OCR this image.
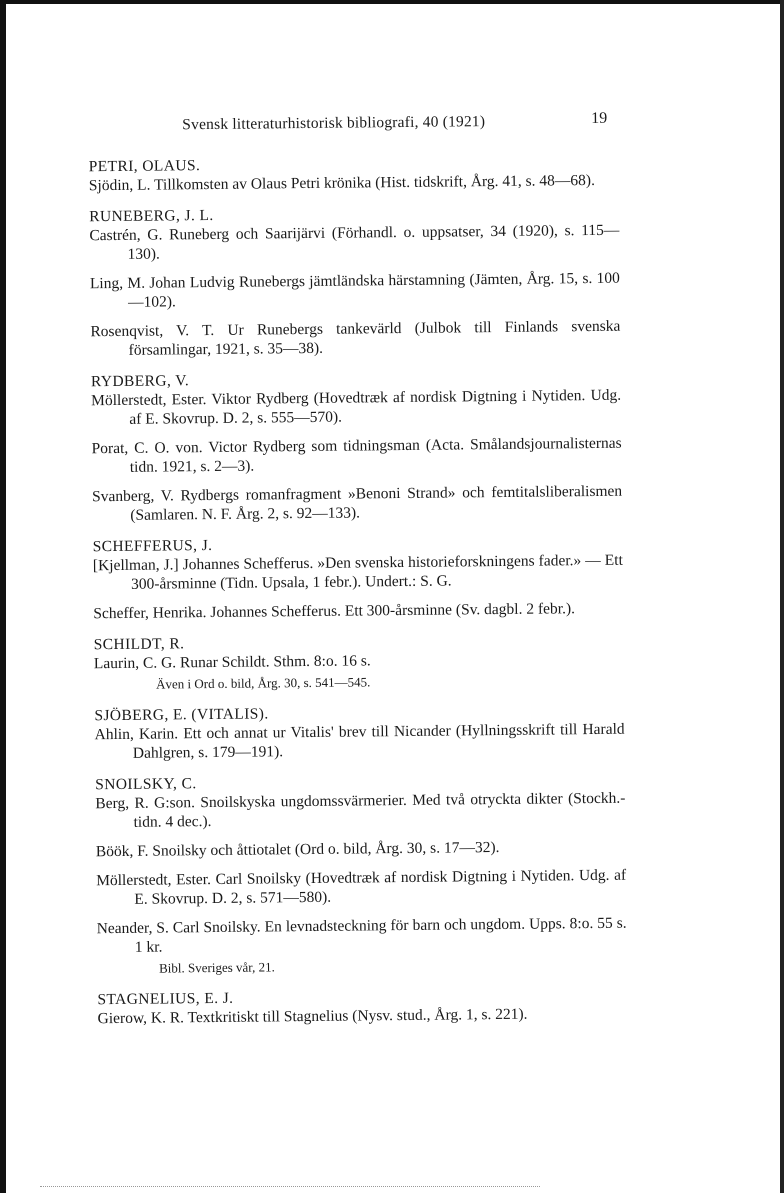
Svensk litteraturhistorisk bibliografi, 40 (1921)	19
PETRI, OLAUS.
Sjödin, L. Tillkomsten av Olaus Petri krönika (Hist. tidskrift, Årg. 41, s. 48—68).
RUNEBERG, J. L.
Castrén, G. Runeberg och Saarijärvi (Förhandl. o. uppsatser, 34 (1920), s. 115—130).
Ling, M. Johan Ludvig Runebergs jämtländska härstamning (Jämten, Årg. 15, s. 100—102).
Rosenqvist, V. T. Ur Runebergs tankevärld (Julbok till Finlands svenska församlingar, 1921, s. 35—38).
RYDBERG, V.
Möllerstedt, Ester. Viktor Rydberg (Hovedtræk af nordisk Digtning i Nytiden. Udg. af E. Skovrup. D. 2, s. 555—570).
Porat, C. O. von. Victor Rydberg som tidningsman (Acta. Smålandsjournalisternas tidn. 1921, s. 2—3).
Svanberg, V. Rydbergs romanfragment »Benoni Strand» och femtitalsliberalismen (Samlaren. N. F. Årg. 2, s. 92—133).
SCHEFFERUS, J.
[Kjellman, J.] Johannes Schefferus. »Den svenska historieforskningens fader.» — Ett 300-årsminne (Tidn. Upsala, 1 febr.). Undert.: S. G.
Scheffer, Henrika. Johannes Schefferus. Ett 300-årsminne (Sv. dagbl. 2 febr.).
SCHILDT, R.
Laurin, C. G. Runar Schildt. Sthm. 8:o. 16 s.
Även i Ord o. bild, Årg. 30, s. 541—545.
SJÖBERG, E. (VITALIS).
Ahlin, Karin. Ett och annat ur Vitalis' brev till Nicander (Hyllningsskrift till Harald Dahlgren, s. 179—191).
SNOILSKY, C.
Berg, R. G:son. Snoilskyska ungdomssvärmerier. Med två otryckta dikter (Stockh.-tidn. 4 dec.).
Böök, F. Snoilsky och åttiotalet (Ord o. bild, Årg. 30, s. 17—32).
Möllerstedt, Ester. Carl Snoilsky (Hovedtræk af nordisk Digtning i Nytiden. Udg. af E. Skovrup. D. 2, s. 571—580).
Neander, S. Carl Snoilsky. En levnadsteckning för barn och ungdom. Upps. 8:o. 55 s. 1 kr.
Bibl. Sveriges vår, 21.
STAGNELIUS, E. J.
Gierow, K. R. Textkritiskt till Stagnelius (Nysv. stud., Årg. 1, s. 221).
